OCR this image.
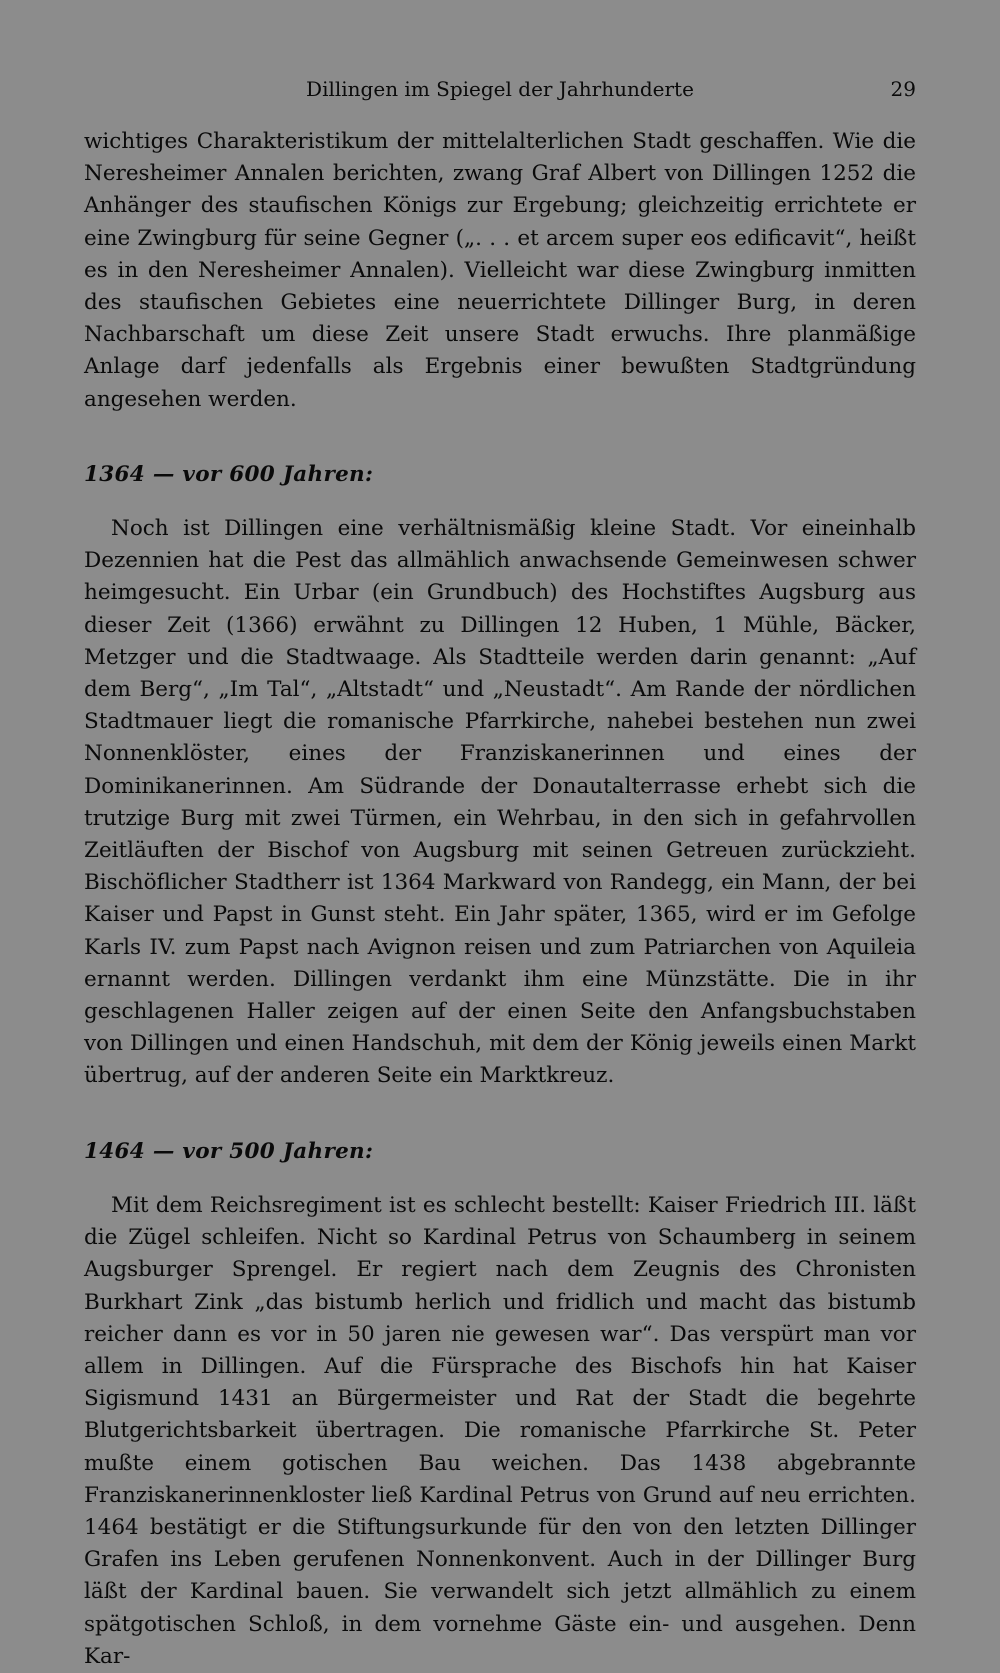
Dillingen im Spiegel der Jahrhunderte	29

wichtiges Charakteristikum der mittelalterlichen Stadt geschaffen. Wie die Neresheimer Annalen berichten, zwang Graf Albert von Dillingen 1252 die Anhänger des staufischen Königs zur Ergebung; gleichzeitig errichtete er eine Zwingburg für seine Gegner („. . . et arcem super eos edificavit“, heißt es in den Neresheimer Annalen). Vielleicht war diese Zwingburg inmitten des staufischen Gebietes eine neuerrichtete Dillinger Burg, in deren Nachbarschaft um diese Zeit unsere Stadt erwuchs. Ihre planmäßige Anlage darf jedenfalls als Ergebnis einer bewußten Stadtgründung angesehen werden.

1364 — vor 600 Jahren:

Noch ist Dillingen eine verhältnismäßig kleine Stadt. Vor eineinhalb Dezennien hat die Pest das allmählich anwachsende Gemeinwesen schwer heimgesucht. Ein Urbar (ein Grundbuch) des Hochstiftes Augsburg aus dieser Zeit (1366) erwähnt zu Dillingen 12 Huben, 1 Mühle, Bäcker, Metzger und die Stadtwaage. Als Stadtteile werden darin genannt: „Auf dem Berg“, „Im Tal“, „Altstadt“ und „Neustadt“. Am Rande der nördlichen Stadtmauer liegt die romanische Pfarrkirche, nahebei bestehen nun zwei Nonnenklöster, eines der Franziskanerinnen und eines der Dominikanerinnen. Am Südrande der Donautalterrasse erhebt sich die trutzige Burg mit zwei Türmen, ein Wehrbau, in den sich in gefahrvollen Zeitläuften der Bischof von Augsburg mit seinen Getreuen zurückzieht. Bischöflicher Stadtherr ist 1364 Markward von Randegg, ein Mann, der bei Kaiser und Papst in Gunst steht. Ein Jahr später, 1365, wird er im Gefolge Karls IV. zum Papst nach Avignon reisen und zum Patriarchen von Aquileia ernannt werden. Dillingen verdankt ihm eine Münzstätte. Die in ihr geschlagenen Haller zeigen auf der einen Seite den Anfangsbuchstaben von Dillingen und einen Handschuh, mit dem der König jeweils einen Markt übertrug, auf der anderen Seite ein Marktkreuz.

1464 — vor 500 Jahren:

Mit dem Reichsregiment ist es schlecht bestellt: Kaiser Friedrich III. läßt die Zügel schleifen. Nicht so Kardinal Petrus von Schaumberg in seinem Augsburger Sprengel. Er regiert nach dem Zeugnis des Chronisten Burkhart Zink „das bistumb herlich und fridlich und macht das bistumb reicher dann es vor in 50 jaren nie gewesen war“. Das verspürt man vor allem in Dillingen. Auf die Fürsprache des Bischofs hin hat Kaiser Sigismund 1431 an Bürgermeister und Rat der Stadt die begehrte Blutgerichtsbarkeit übertragen. Die romanische Pfarrkirche St. Peter mußte einem gotischen Bau weichen. Das 1438 abgebrannte Franziskanerinnenkloster ließ Kardinal Petrus von Grund auf neu errichten. 1464 bestätigt er die Stiftungsurkunde für den von den letzten Dillinger Grafen ins Leben gerufenen Nonnenkonvent. Auch in der Dillinger Burg läßt der Kardinal bauen. Sie verwandelt sich jetzt allmählich zu einem spätgotischen Schloß, in dem vornehme Gäste ein- und ausgehen. Denn Kar-
